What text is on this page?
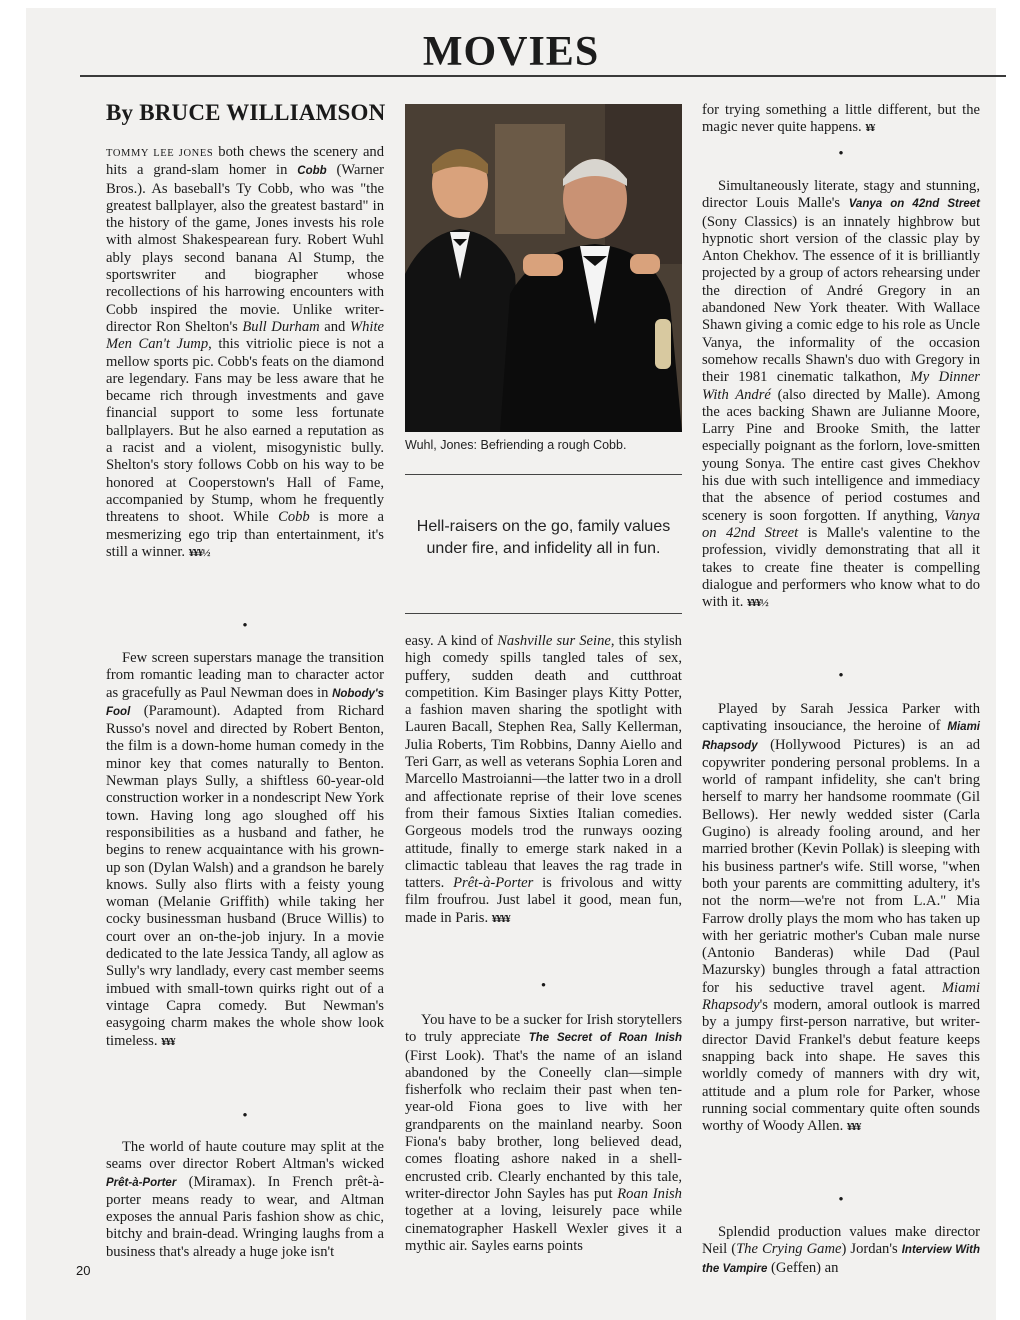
MOVIES
By BRUCE WILLIAMSON

TOMMY LEE JONES both chews the scenery and hits a grand-slam homer in Cobb (Warner Bros.). As baseball's Ty Cobb, who was "the greatest ballplayer, also the greatest bastard" in the history of the game, Jones invests his role with almost Shakespearean fury. Robert Wuhl ably plays second banana Al Stump, the sportswriter and biographer whose recollections of his harrowing encounters with Cobb inspired the movie. Unlike writer-director Ron Shelton's Bull Durham and White Men Can't Jump, this vitriolic piece is not a mellow sports pic. Cobb's feats on the diamond are legendary. Fans may be less aware that he became rich through investments and gave financial support to some less fortunate ballplayers. But he also earned a reputation as a racist and a violent, misogynistic bully. Shelton's story follows Cobb on his way to be honored at Cooperstown's Hall of Fame, accompanied by Stump, whom he frequently threatens to shoot. While Cobb is more a mesmerizing ego trip than entertainment, it's still a winner. ¥¥¥½

•

Few screen superstars manage the transition from romantic leading man to character actor as gracefully as Paul Newman does in Nobody's Fool (Paramount). Adapted from Richard Russo's novel and directed by Robert Benton, the film is a down-home human comedy in the minor key that comes naturally to Benton. Newman plays Sully, a shiftless 60-year-old construction worker in a nondescript New York town. Having long ago sloughed off his responsibilities as a husband and father, he begins to renew acquaintance with his grown-up son (Dylan Walsh) and a grandson he barely knows. Sully also flirts with a feisty young woman (Melanie Griffith) while taking her cocky businessman husband (Bruce Willis) to court over an on-the-job injury. In a movie dedicated to the late Jessica Tandy, all aglow as Sully's wry landlady, every cast member seems imbued with small-town quirks right out of a vintage Capra comedy. But Newman's easygoing charm makes the whole show look timeless. ¥¥¥

•

The world of haute couture may split at the seams over director Robert Altman's wicked Prêt-à-Porter (Miramax). In French prêt-à-porter means ready to wear, and Altman exposes the annual Paris fashion show as chic, bitchy and brain-dead. Wringing laughs from a business that's already a huge joke isn't

Wuhl, Jones: Befriending a rough Cobb.
Hell-raisers on the go, family values under fire, and infidelity all in fun.

easy. A kind of Nashville sur Seine, this stylish high comedy spills tangled tales of sex, puffery, sudden death and cutthroat competition. Kim Basinger plays Kitty Potter, a fashion maven sharing the spotlight with Lauren Bacall, Stephen Rea, Sally Kellerman, Julia Roberts, Tim Robbins, Danny Aiello and Teri Garr, as well as veterans Sophia Loren and Marcello Mastroianni—the latter two in a droll and affectionate reprise of their love scenes from their famous Sixties Italian comedies. Gorgeous models trod the runways oozing attitude, finally to emerge stark naked in a climactic tableau that leaves the rag trade in tatters. Prêt-à-Porter is frivolous and witty film froufrou. Just label it good, mean fun, made in Paris. ¥¥¥¥

•

You have to be a sucker for Irish storytellers to truly appreciate The Secret of Roan Inish (First Look). That's the name of an island abandoned by the Coneelly clan—simple fisherfolk who reclaim their past when ten-year-old Fiona goes to live with her grandparents on the mainland nearby. Soon Fiona's baby brother, long believed dead, comes floating ashore naked in a shell-encrusted crib. Clearly enchanted by this tale, writer-director John Sayles has put Roan Inish together at a loving, leisurely pace while cinematographer Haskell Wexler gives it a mythic air. Sayles earns points

for trying something a little different, but the magic never quite happens. ¥¥

•

Simultaneously literate, stagy and stunning, director Louis Malle's Vanya on 42nd Street (Sony Classics) is an innately highbrow but hypnotic short version of the classic play by Anton Chekhov. The essence of it is brilliantly projected by a group of actors rehearsing under the direction of André Gregory in an abandoned New York theater. With Wallace Shawn giving a comic edge to his role as Uncle Vanya, the informality of the occasion somehow recalls Shawn's duo with Gregory in their 1981 cinematic talkathon, My Dinner With André (also directed by Malle). Among the aces backing Shawn are Julianne Moore, Larry Pine and Brooke Smith, the latter especially poignant as the forlorn, love-smitten young Sonya. The entire cast gives Chekhov his due with such intelligence and immediacy that the absence of period costumes and scenery is soon forgotten. If anything, Vanya on 42nd Street is Malle's valentine to the profession, vividly demonstrating that all it takes to create fine theater is compelling dialogue and performers who know what to do with it. ¥¥¥½

•

Played by Sarah Jessica Parker with captivating insouciance, the heroine of Miami Rhapsody (Hollywood Pictures) is an ad copywriter pondering personal problems. In a world of rampant infidelity, she can't bring herself to marry her handsome roommate (Gil Bellows). Her newly wedded sister (Carla Gugino) is already fooling around, and her married brother (Kevin Pollak) is sleeping with his business partner's wife. Still worse, "when both your parents are committing adultery, it's not the norm—we're not from L.A." Mia Farrow drolly plays the mom who has taken up with her geriatric mother's Cuban male nurse (Antonio Banderas) while Dad (Paul Mazursky) bungles through a fatal attraction for his seductive travel agent. Miami Rhapsody's modern, amoral outlook is marred by a jumpy first-person narrative, but writer-director David Frankel's debut feature keeps snapping back into shape. He saves this worldly comedy of manners with dry wit, attitude and a plum role for Parker, whose running social commentary quite often sounds worthy of Woody Allen. ¥¥¥

•

Splendid production values make director Neil (The Crying Game) Jordan's Interview With the Vampire (Geffen) an

20
